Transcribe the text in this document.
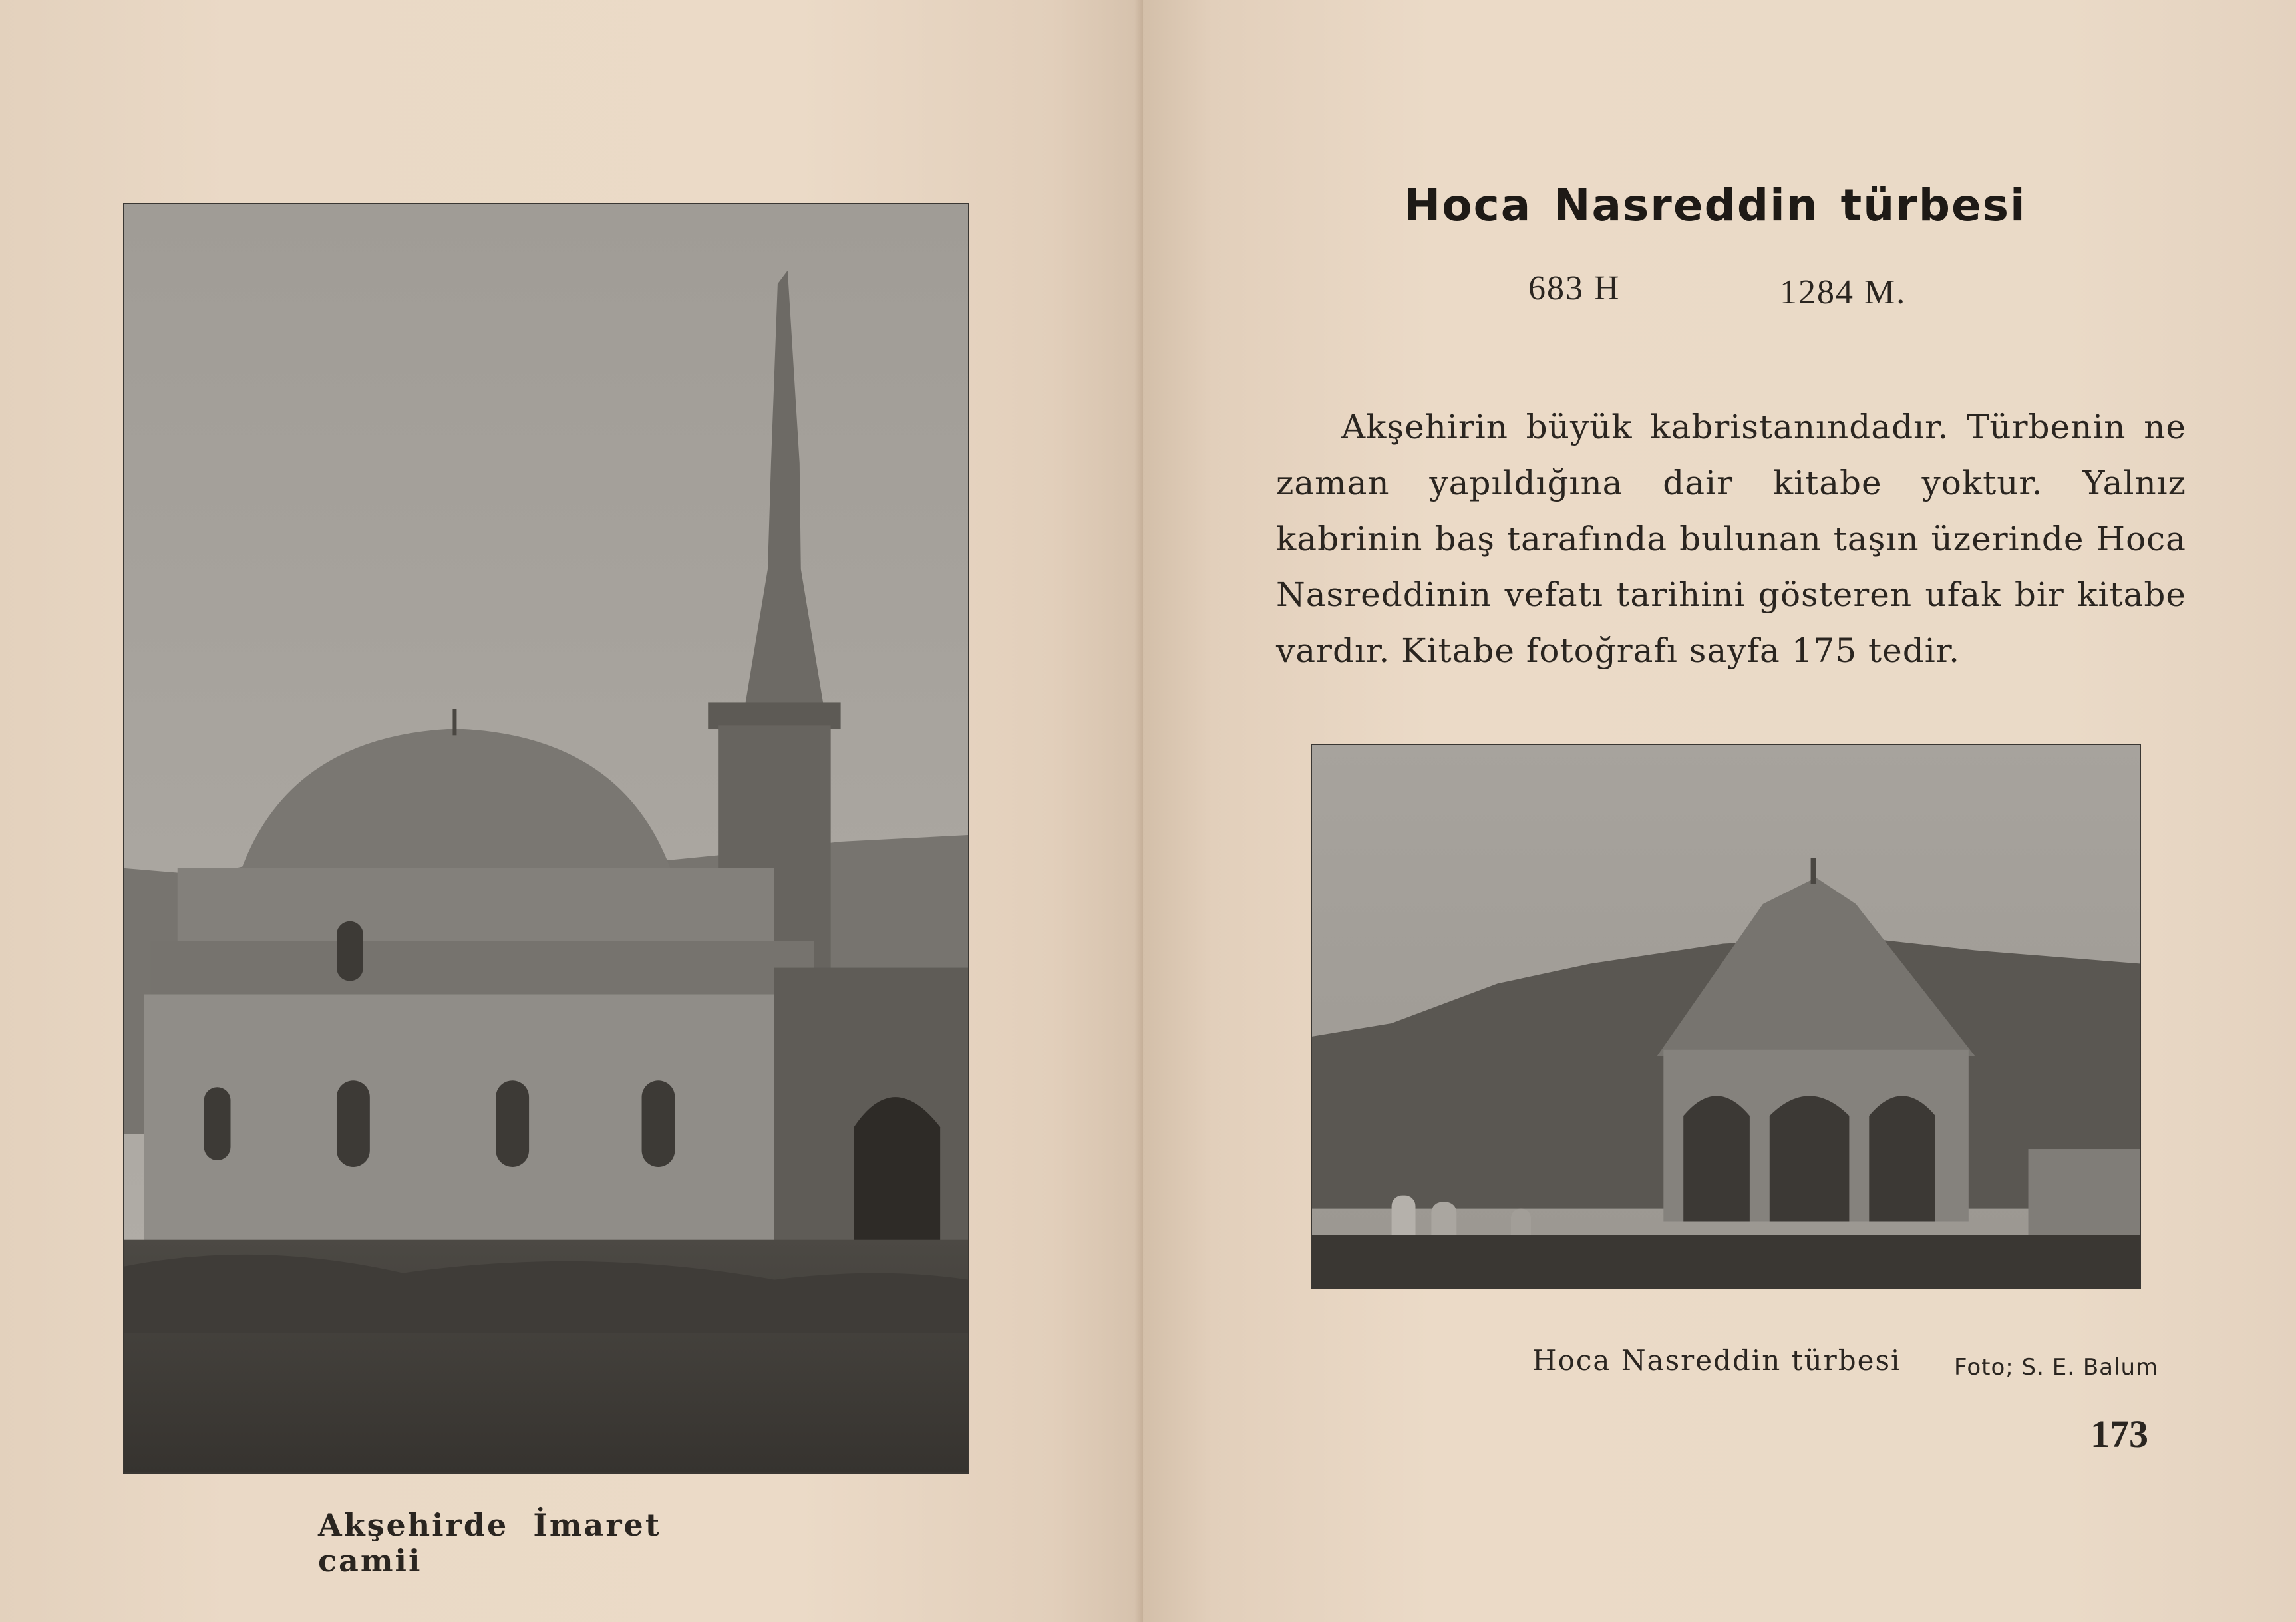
Akşehirde İmaret camii
Hoca Nasreddin türbesi
683 H	1284 M.
Akşehirin büyük kabristanındadır. Türbenin ne zaman yapıldığına dair kitabe yoktur. Yalnız kabrinin baş tarafında bulunan taşın üzerinde Hoca Nasreddinin vefatı tarihini gösteren ufak bir kitabe vardır. Kitabe fotoğrafı sayfa 175 tedir.
Hoca Nasreddin türbesi Foto; S. E. Balum
173
